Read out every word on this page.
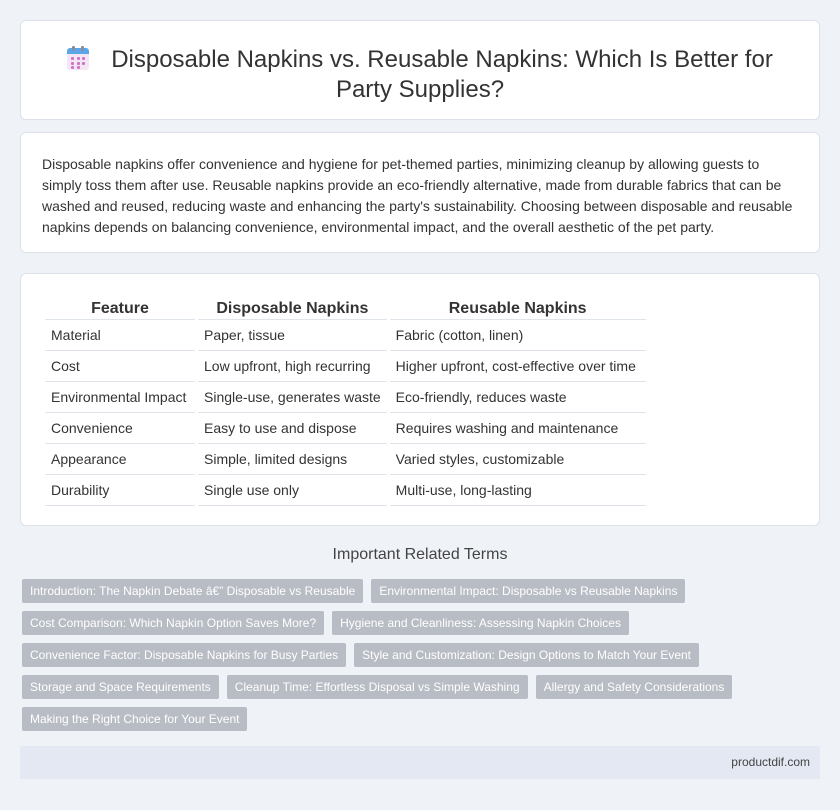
Disposable Napkins vs. Reusable Napkins: Which Is Better for Party Supplies?

Disposable napkins offer convenience and hygiene for pet-themed parties, minimizing cleanup by allowing guests to simply toss them after use. Reusable napkins provide an eco-friendly alternative, made from durable fabrics that can be washed and reused, reducing waste and enhancing the party's sustainability. Choosing between disposable and reusable napkins depends on balancing convenience, environmental impact, and the overall aesthetic of the pet party.

Feature	Disposable Napkins	Reusable Napkins
Material	Paper, tissue	Fabric (cotton, linen)
Cost	Low upfront, high recurring	Higher upfront, cost-effective over time
Environmental Impact	Single-use, generates waste	Eco-friendly, reduces waste
Convenience	Easy to use and dispose	Requires washing and maintenance
Appearance	Simple, limited designs	Varied styles, customizable
Durability	Single use only	Multi-use, long-lasting
Important Related Terms
Introduction: The Napkin Debate â€” Disposable vs Reusable	Environmental Impact: Disposable vs Reusable Napkins
Cost Comparison: Which Napkin Option Saves More?	Hygiene and Cleanliness: Assessing Napkin Choices
Convenience Factor: Disposable Napkins for Busy Parties	Style and Customization: Design Options to Match Your Event
Storage and Space Requirements	Cleanup Time: Effortless Disposal vs Simple Washing	Allergy and Safety Considerations
Making the Right Choice for Your Event
productdif.com
